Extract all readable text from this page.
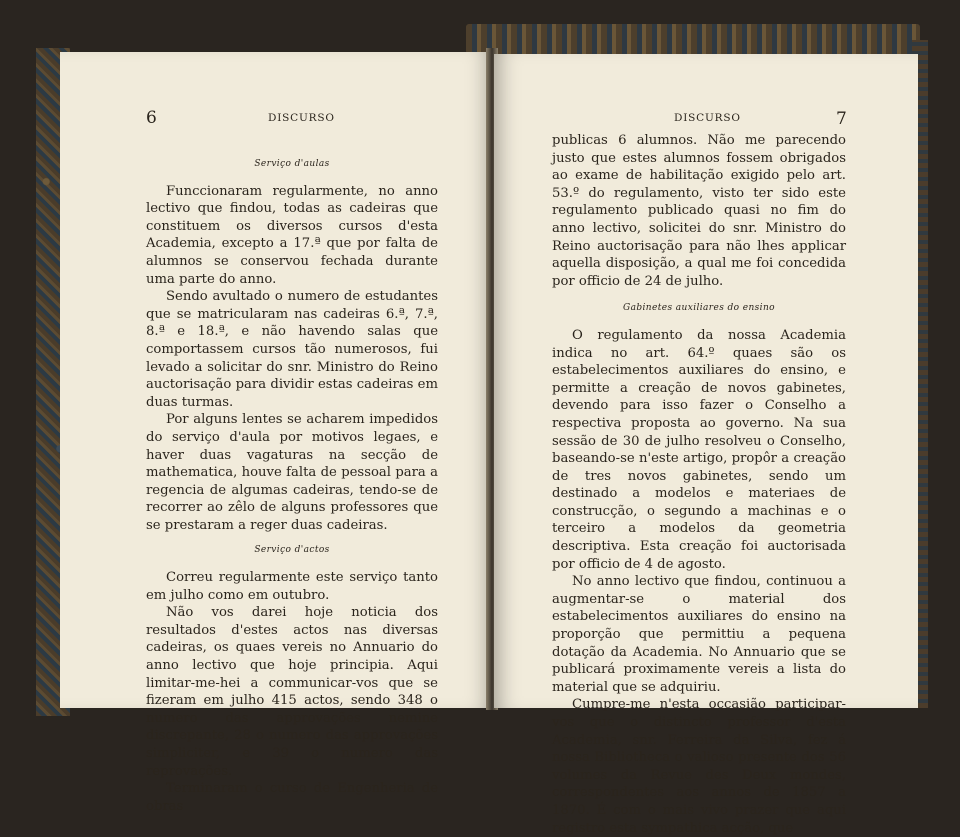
6	DISCURSO
Serviço d'aulas

Funccionaram regularmente, no anno lectivo que findou, todas as cadeiras que constituem os diversos cursos d'esta Academia, excepto a 17.ª que por falta de alumnos se conservou fechada durante uma parte do anno.

Sendo avultado o numero de estudantes que se matricularam nas cadeiras 6.ª, 7.ª, 8.ª e 18.ª, e não havendo salas que comportassem cursos tão numerosos, fui levado a solicitar do snr. Ministro do Reino auctorisação para dividir estas cadeiras em duas turmas.

Por alguns lentes se acharem impedidos do serviço d'aula por motivos legaes, e haver duas vagaturas na secção de mathematica, houve falta de pessoal para a regencia de algumas cadeiras, tendo-se de recorrer ao zêlo de alguns professores que se prestaram a reger duas cadeiras.

Serviço d'actos

Correu regularmente este serviço tanto em julho como em outubro.

Não vos darei hoje noticia dos resultados d'estes actos nas diversas cadeiras, os quaes vereis no Annuario do anno lectivo que hoje principia. Aqui limitar-me-hei a communicar-vos que se fizeram em julho 415 actos, sendo 348 o numero das approvações nemine discrepante, 28 o numero das approvações simpliciter, e 39 o numero das reprovações.

Terminaram o curso de Engenheria de obras

DISCURSO	7

publicas 6 alumnos. Não me parecendo justo que estes alumnos fossem obrigados ao exame de habilitação exigido pelo art. 53.º do regulamento, visto ter sido este regulamento publicado quasi no fim do anno lectivo, solicitei do snr. Ministro do Reino auctorisação para não lhes applicar aquella disposição, a qual me foi concedida por officio de 24 de julho.

Gabinetes auxiliares do ensino

O regulamento da nossa Academia indica no art. 64.º quaes são os estabelecimentos auxiliares do ensino, e permitte a creação de novos gabinetes, devendo para isso fazer o Conselho a respectiva proposta ao governo. Na sua sessão de 30 de julho resolveu o Conselho, baseando-se n'este artigo, propôr a creação de tres novos gabinetes, sendo um destinado a modelos e materiaes de construcção, o segundo a machinas e o terceiro a modelos da geometria descriptiva. Esta creação foi auctorisada por officio de 4 de agosto.

No anno lectivo que findou, continuou a augmentar-se o material dos estabelecimentos auxiliares do ensino na proporção que permittiu a pequena dotação da Academia. No Annuario que se publicará proximamente vereis a lista do material que se adquiriu.

Cumpre-me n'esta occasião participar-vos que o distincto professor d'esta Academia, snr. Ferreira da Silva, fez á nossa Bibliotheca o valioso presente dos 56 volumes da Revue des Deux mondes, correspondentes aos annos de 1857 a 1870. É com o mais vivo prazer que aqui registro esta sympathica acção, que
